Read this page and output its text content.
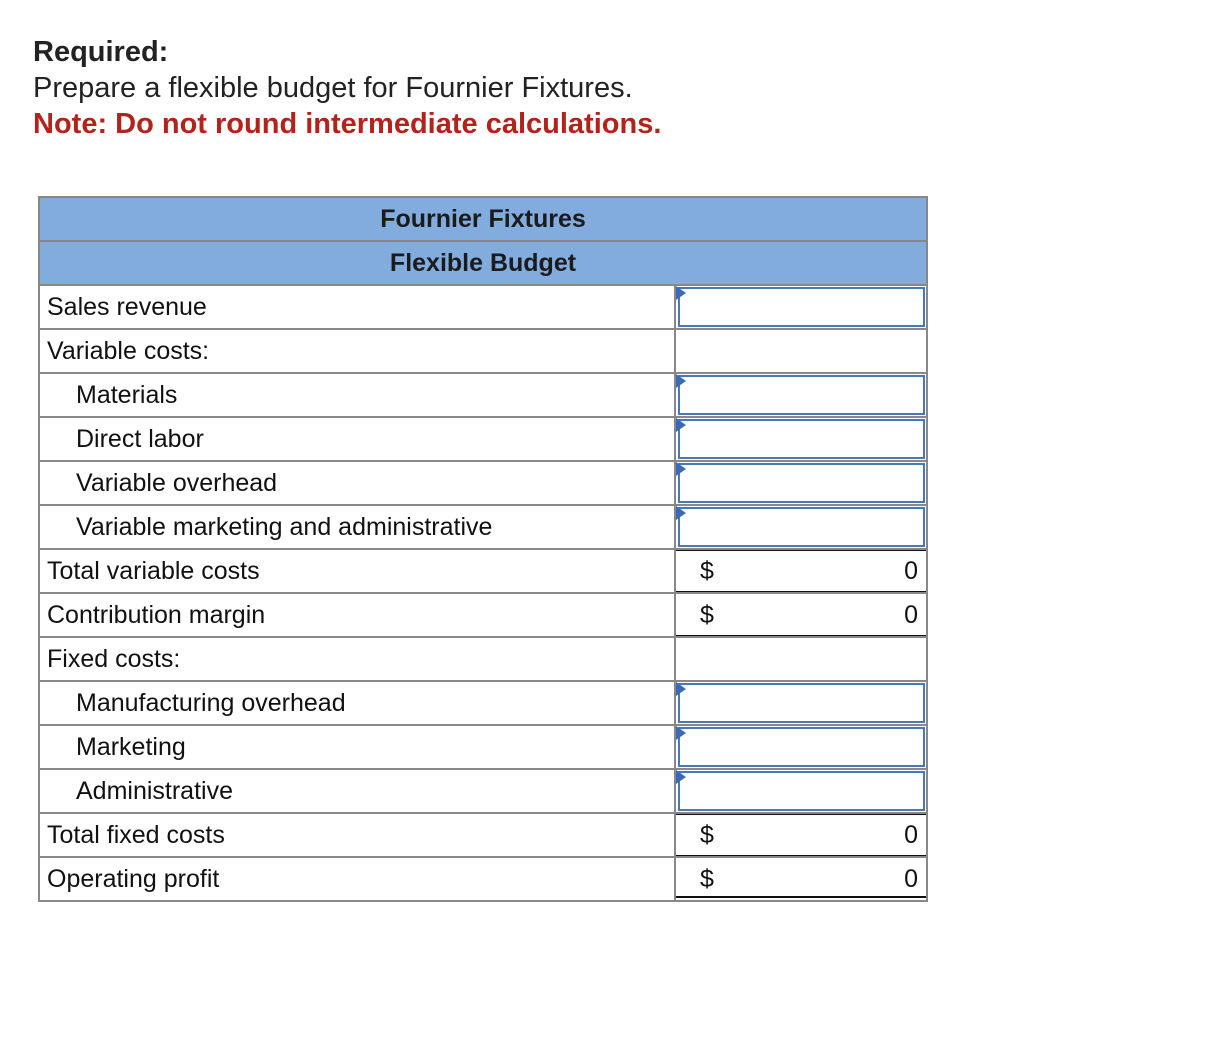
Required:
Prepare a flexible budget for Fournier Fixtures.
Note: Do not round intermediate calculations.
Fournier Fixtures	
Flexible Budget	
Sales revenue	

Variable costs:	
Materials	

Direct labor	

Variable overhead	

Variable marketing and administrative	

Total variable costs	$ 0

Contribution margin	$ 0

Fixed costs:	
Manufacturing overhead	

Marketing	

Administrative	

Total fixed costs	$ 0

Operating profit	$ 0
